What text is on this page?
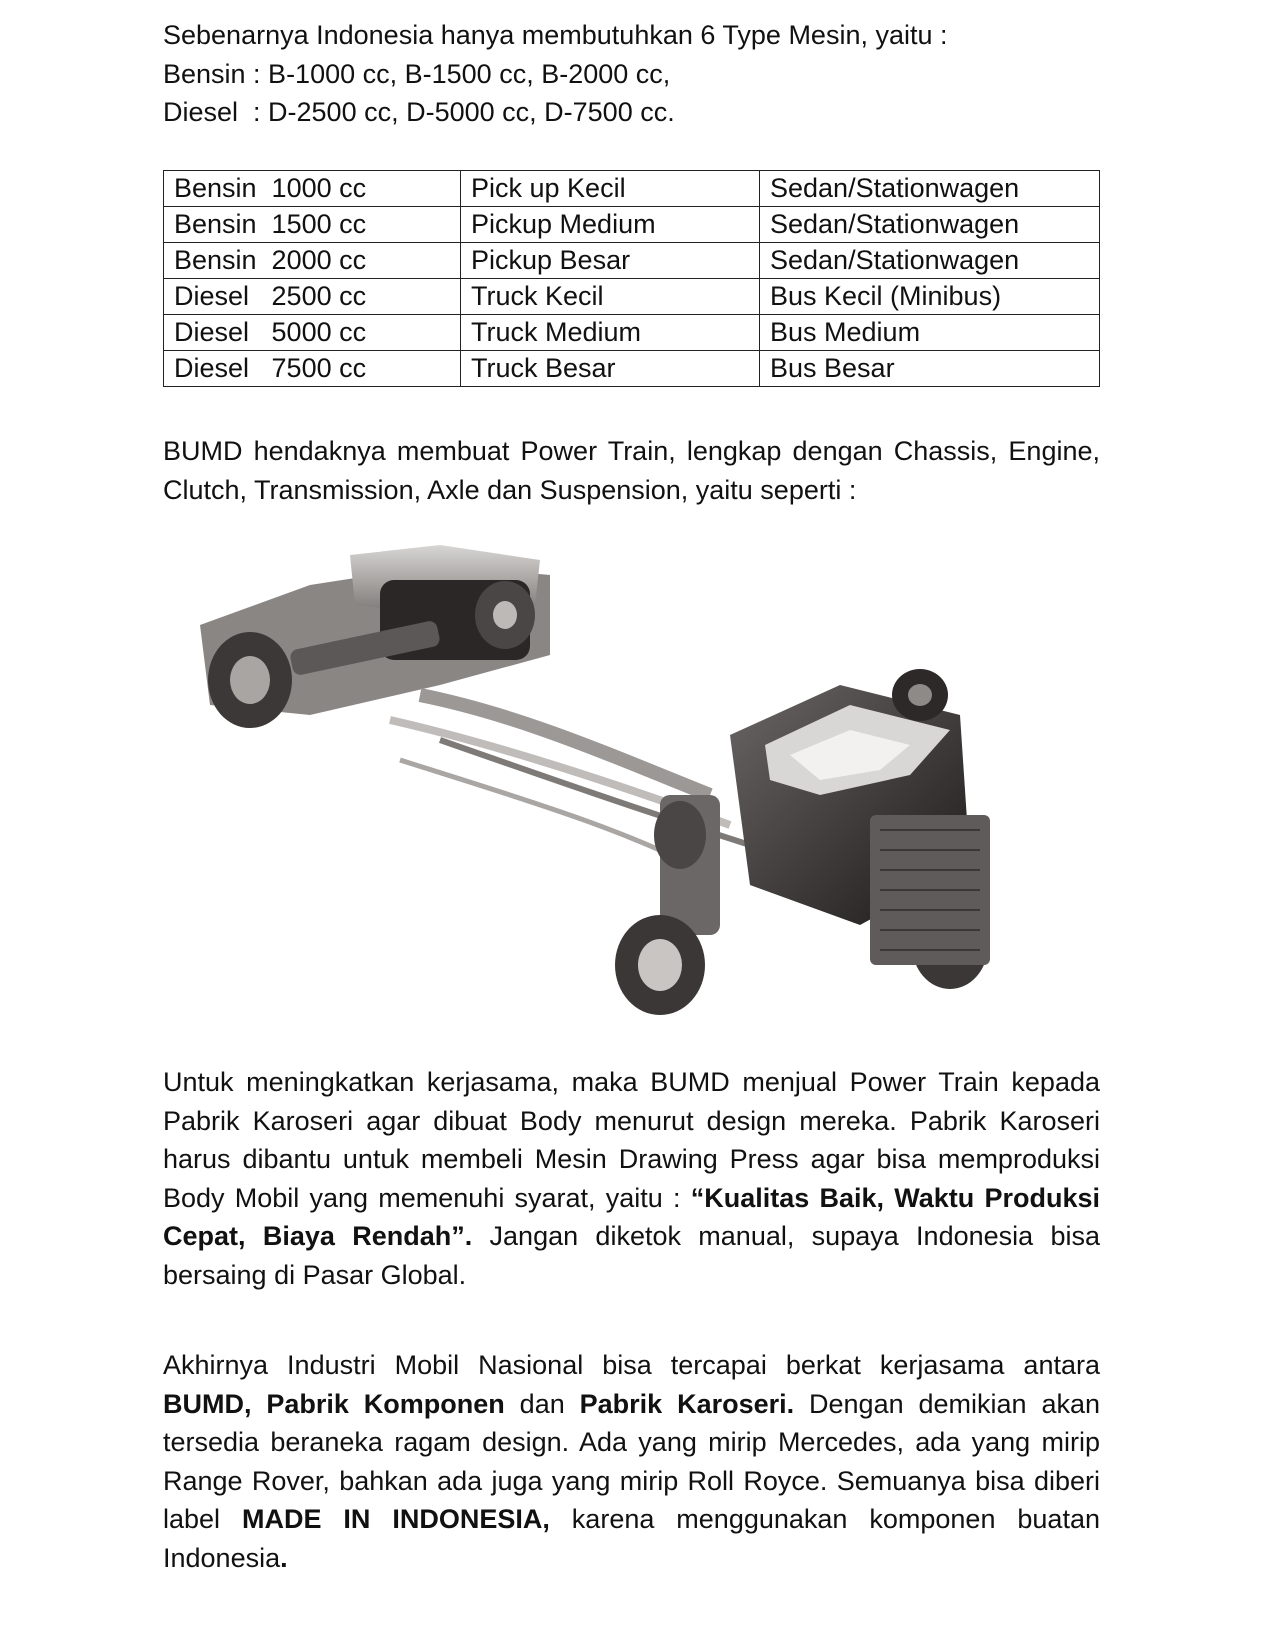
Sebenarnya Indonesia hanya membutuhkan 6 Type Mesin, yaitu :
Bensin : B-1000 cc, B-1500 cc, B-2000 cc,
Diesel  : D-2500 cc, D-5000 cc, D-7500 cc.
Bensin  1000 cc	Pick up Kecil	Sedan/Stationwagen
Bensin  1500 cc	Pickup Medium	Sedan/Stationwagen
Bensin  2000 cc	Pickup Besar	Sedan/Stationwagen
Diesel   2500 cc	Truck Kecil	Bus Kecil (Minibus)
Diesel   5000 cc	Truck Medium	Bus Medium
Diesel   7500 cc	Truck Besar	Bus Besar
BUMD hendaknya membuat Power Train, lengkap dengan Chassis, Engine, Clutch, Transmission, Axle dan Suspension, yaitu seperti :

Untuk meningkatkan kerjasama, maka BUMD menjual Power Train kepada Pabrik Karoseri agar dibuat Body menurut design mereka. Pabrik Karoseri harus dibantu untuk membeli Mesin Drawing Press agar bisa memproduksi Body Mobil yang memenuhi syarat, yaitu : “Kualitas Baik, Waktu Produksi Cepat, Biaya Rendah”. Jangan diketok manual, supaya Indonesia bisa bersaing di Pasar Global.

Akhirnya Industri Mobil Nasional bisa tercapai berkat kerjasama antara BUMD, Pabrik Komponen dan Pabrik Karoseri. Dengan demikian akan tersedia beraneka ragam design. Ada yang mirip Mercedes, ada yang mirip Range Rover, bahkan ada juga yang mirip Roll Royce. Semuanya bisa diberi label MADE IN INDONESIA, karena menggunakan komponen buatan Indonesia.
